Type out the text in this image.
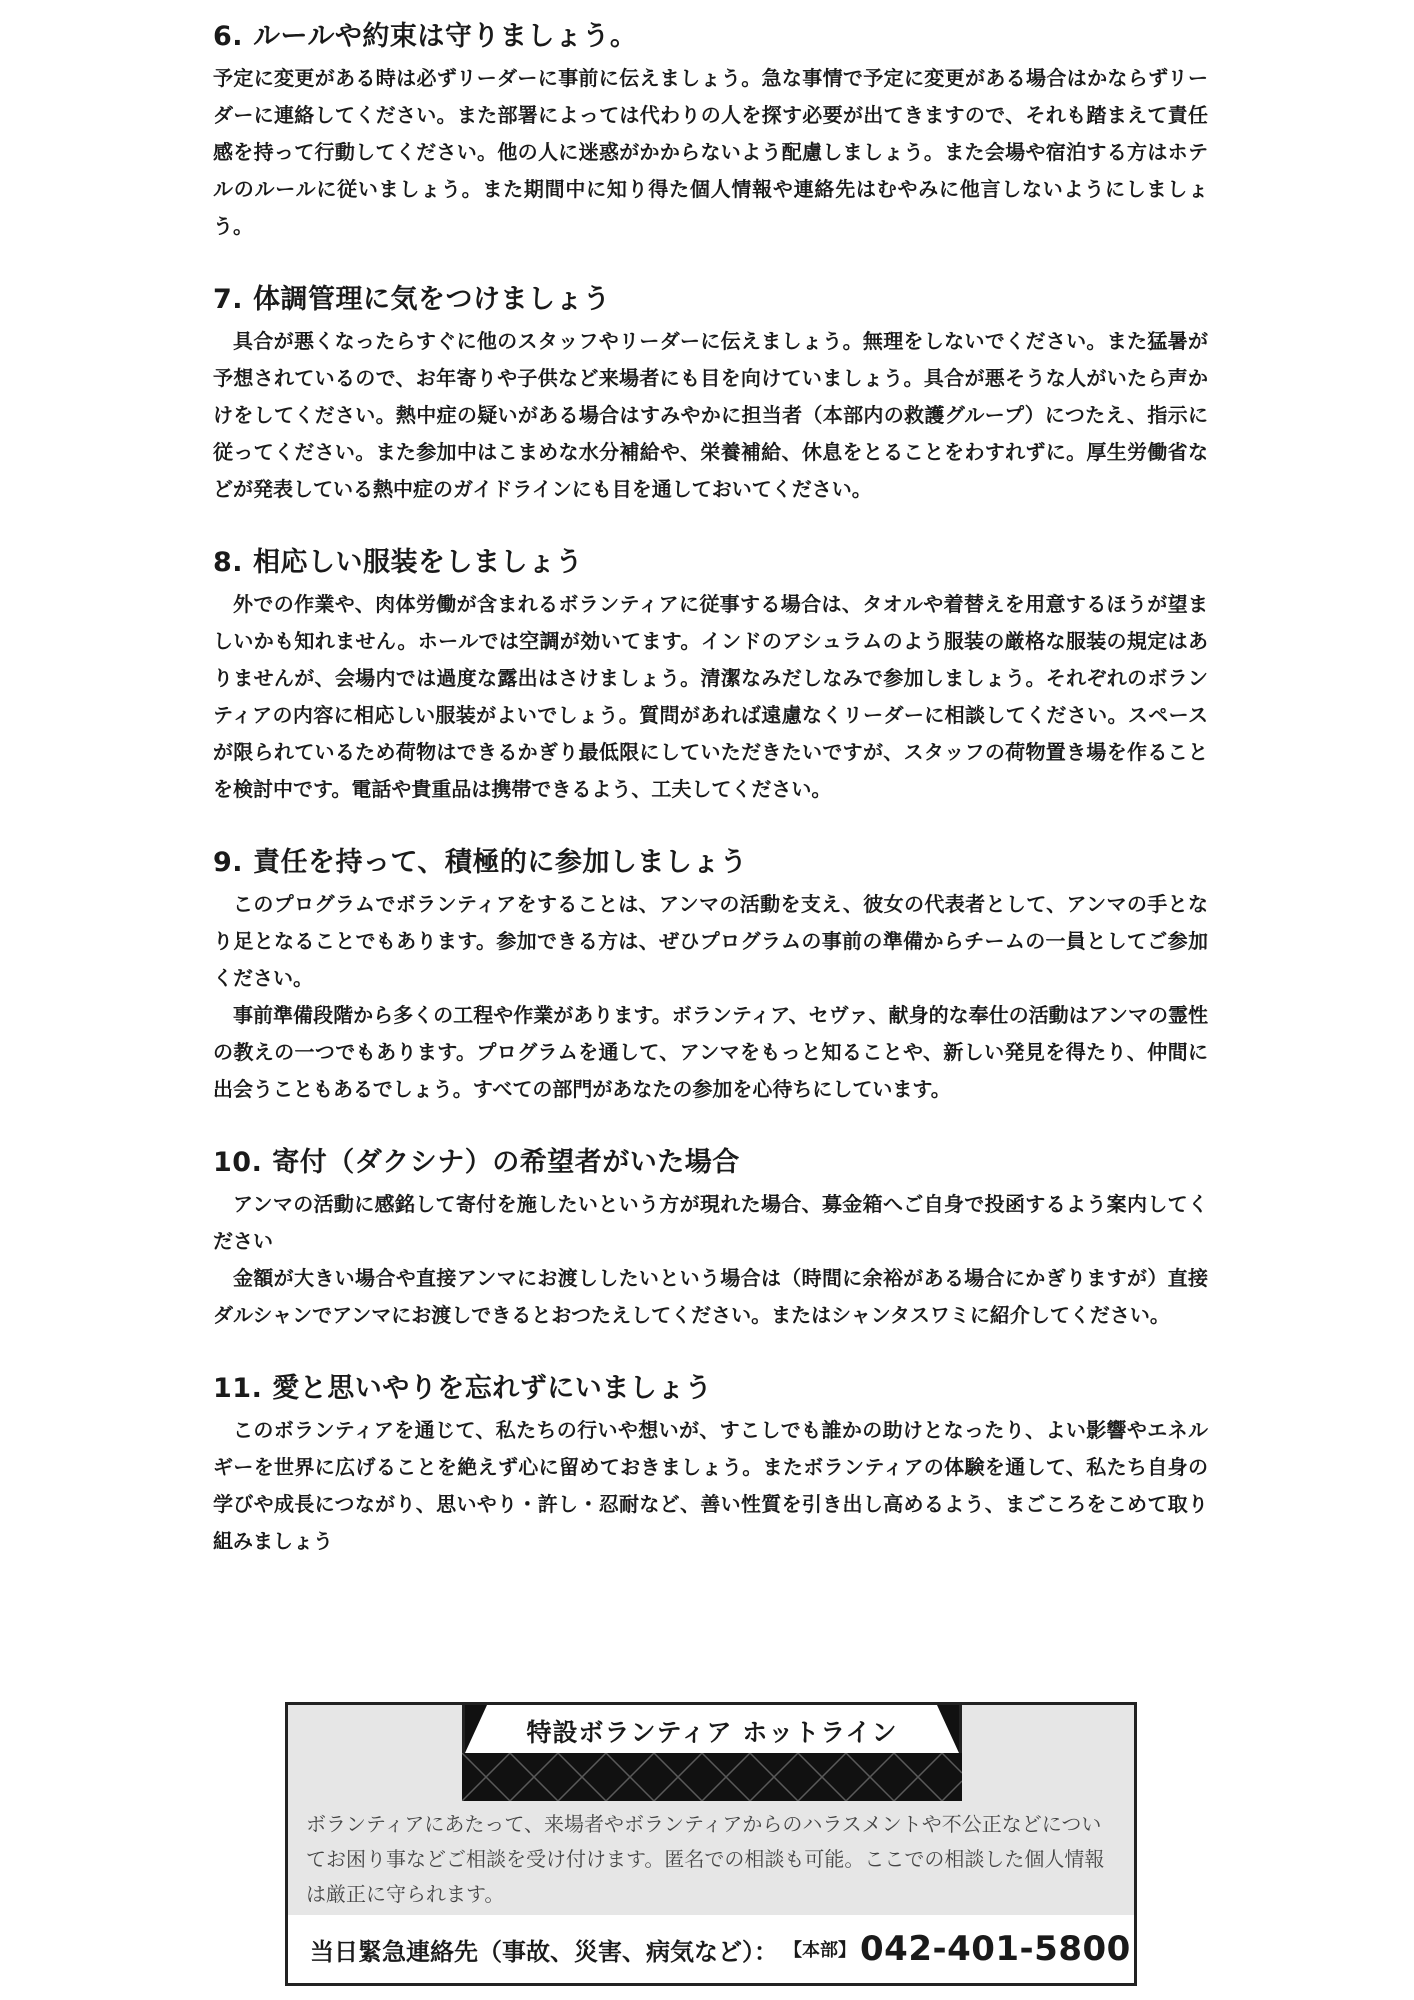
6. ルールや約束は守りましょう。

予定に変更がある時は必ずリーダーに事前に伝えましょう。急な事情で予定に変更がある場合はかならずリーダーに連絡してください。また部署によっては代わりの人を探す必要が出てきますので、それも踏まえて責任感を持って行動してください。他の人に迷惑がかからないよう配慮しましょう。また会場や宿泊する方はホテルのルールに従いましょう。また期間中に知り得た個人情報や連絡先はむやみに他言しないようにしましょう。

7. 体調管理に気をつけましょう

具合が悪くなったらすぐに他のスタッフやリーダーに伝えましょう。無理をしないでください。また猛暑が予想されているので、お年寄りや子供など来場者にも目を向けていましょう。具合が悪そうな人がいたら声かけをしてください。熱中症の疑いがある場合はすみやかに担当者（本部内の救護グループ）につたえ、指示に従ってください。また参加中はこまめな水分補給や、栄養補給、休息をとることをわすれずに。厚生労働省などが発表している熱中症のガイドラインにも目を通しておいてください。

8. 相応しい服装をしましょう

外での作業や、肉体労働が含まれるボランティアに従事する場合は、タオルや着替えを用意するほうが望ましいかも知れません。ホールでは空調が効いてます。インドのアシュラムのよう服装の厳格な服装の規定はありませんが、会場内では過度な露出はさけましょう。清潔なみだしなみで参加しましょう。それぞれのボランティアの内容に相応しい服装がよいでしょう。質問があれば遠慮なくリーダーに相談してください。スペースが限られているため荷物はできるかぎり最低限にしていただきたいですが、スタッフの荷物置き場を作ることを検討中です。電話や貴重品は携帯できるよう、工夫してください。

9. 責任を持って、積極的に参加しましょう

このプログラムでボランティアをすることは、アンマの活動を支え、彼女の代表者として、アンマの手となり足となることでもあります。参加できる方は、ぜひプログラムの事前の準備からチームの一員としてご参加ください。

事前準備段階から多くの工程や作業があります。ボランティア、セヴァ、献身的な奉仕の活動はアンマの霊性の教えの一つでもあります。プログラムを通して、アンマをもっと知ることや、新しい発見を得たり、仲間に出会うこともあるでしょう。すべての部門があなたの参加を心待ちにしています。

10. 寄付（ダクシナ）の希望者がいた場合

アンマの活動に感銘して寄付を施したいという方が現れた場合、募金箱へご自身で投函するよう案内してください

金額が大きい場合や直接アンマにお渡ししたいという場合は（時間に余裕がある場合にかぎりますが）直接ダルシャンでアンマにお渡しできるとおつたえしてください。またはシャンタスワミに紹介してください。

11. 愛と思いやりを忘れずにいましょう

このボランティアを通じて、私たちの行いや想いが、すこしでも誰かの助けとなったり、よい影響やエネルギーを世界に広げることを絶えず心に留めておきましょう。またボランティアの体験を通して、私たち自身の学びや成長につながり、思いやり・許し・忍耐など、善い性質を引き出し高めるよう、まごころをこめて取り組みましょう

特設ボランティア ホットライン
ボランティアにあたって、来場者やボランティアからのハラスメントや不公正などについてお困り事などご相談を受け付けます。匿名での相談も可能。ここでの相談した個人情報は厳正に守られます。
当日緊急連絡先（事故、災害、病気など）： 【本部】 042-401-5800
